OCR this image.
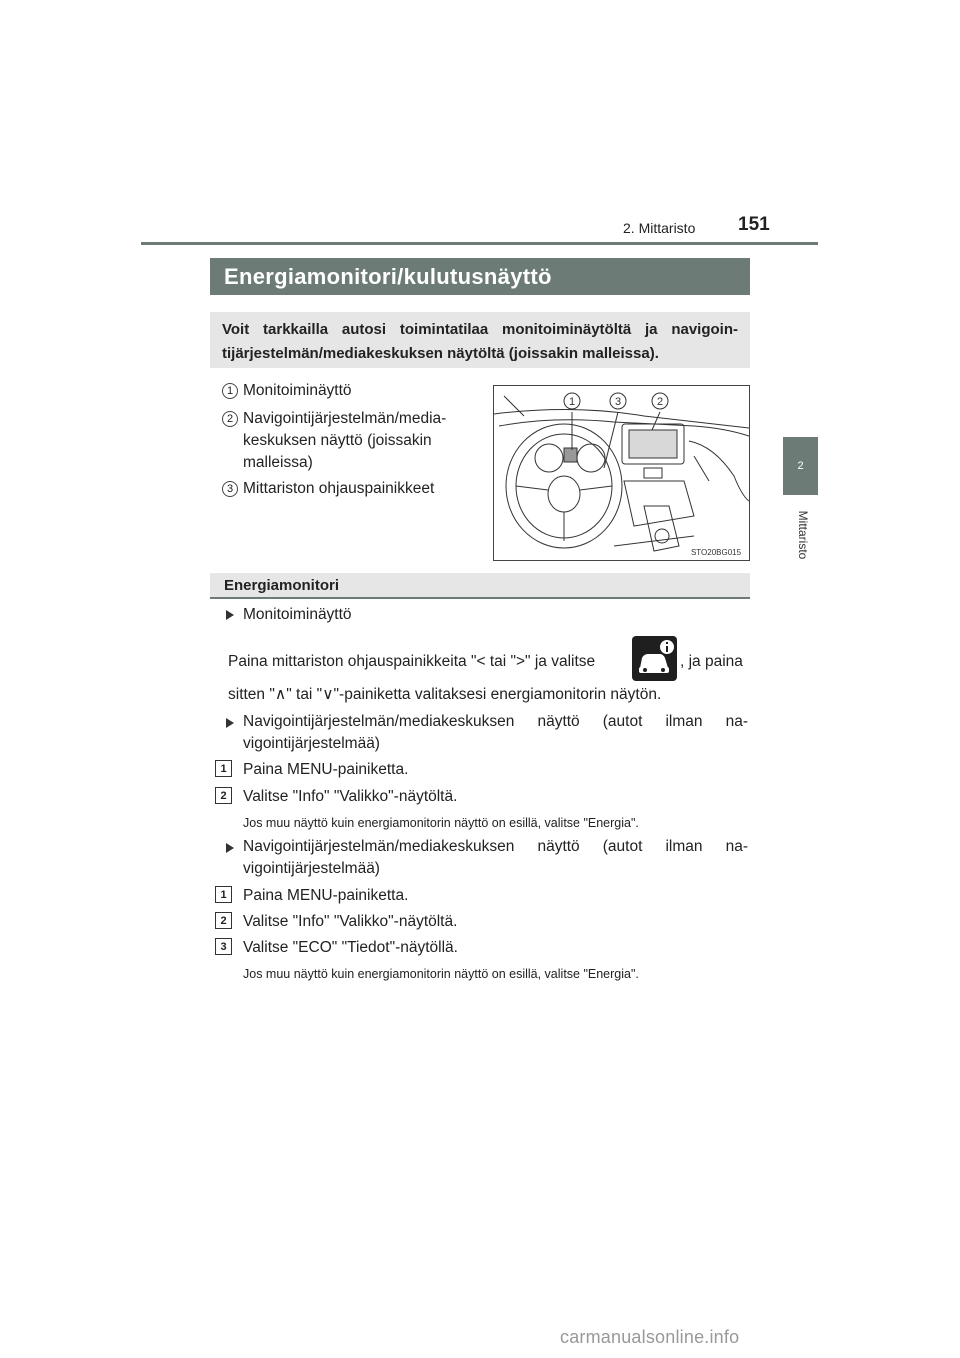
2. Mittaristo 151
2
Mittaristo
Energiamonitori/kulutusnäyttö
Voit tarkkailla autosi toimintatilaa monitoiminäytöltä ja navigoin-tijärjestelmän/mediakeskuksen näytöltä (joissakin malleissa).
1 Monitoiminäyttö
2 Navigointijärjestelmän/media-keskuksen näyttö (joissakin malleissa)
3 Mittariston ohjauspainikkeet
1	3	2
STO20BG015
Energiamonitori
Monitoiminäyttö
Paina mittariston ohjauspainikkeita "< tai ">" ja valitse	, ja paina
sitten "∧" tai "∨"-painiketta valitaksesi energiamonitorin näytön.
Navigointijärjestelmän/mediakeskuksen näyttö (autot ilman na-vigointijärjestelmää)
1	Paina MENU-painiketta.
2	Valitse "Info" "Valikko"-näytöltä.
Jos muu näyttö kuin energiamonitorin näyttö on esillä, valitse "Energia".
Navigointijärjestelmän/mediakeskuksen näyttö (autot ilman na-vigointijärjestelmää)
1	Paina MENU-painiketta.
2	Valitse "Info" "Valikko"-näytöltä.
3	Valitse "ECO" "Tiedot"-näytöllä.
Jos muu näyttö kuin energiamonitorin näyttö on esillä, valitse "Energia".
carmanualsonline.info
